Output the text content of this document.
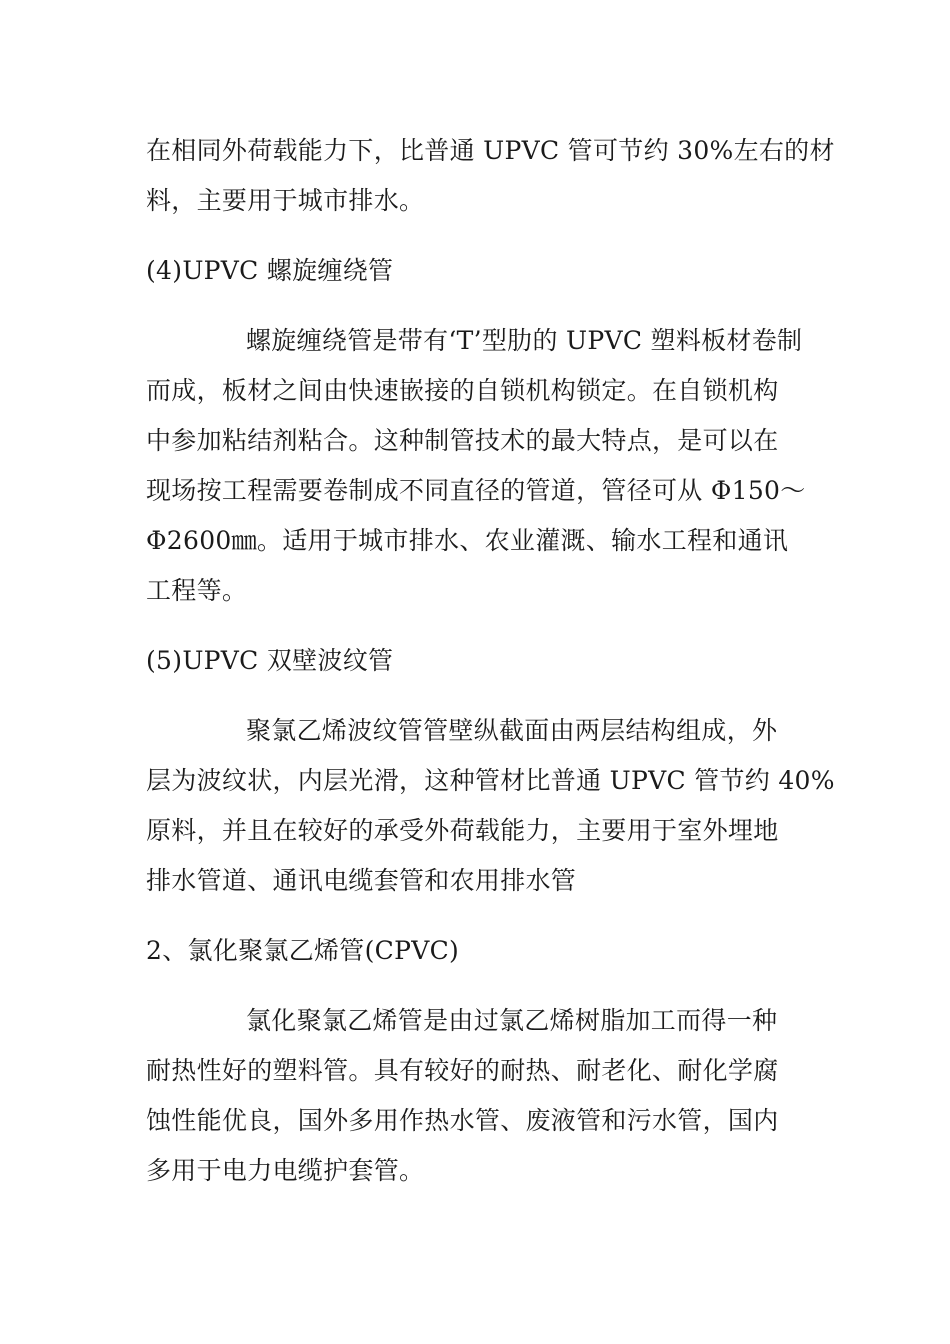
在相同外荷载能力下，比普通 UPVC 管可节约 30%左右的材
料，主要用于城市排水。

(4)UPVC 螺旋缠绕管

螺旋缠绕管是带有‘T’型肋的 UPVC 塑料板材卷制
而成，板材之间由快速嵌接的自锁机构锁定。在自锁机构
中参加粘结剂粘合。这种制管技术的最大特点，是可以在
现场按工程需要卷制成不同直径的管道，管径可从 Φ150～
Φ2600㎜。适用于城市排水、农业灌溉、输水工程和通讯
工程等。

(5)UPVC 双壁波纹管

聚氯乙烯波纹管管壁纵截面由两层结构组成，外
层为波纹状，内层光滑，这种管材比普通 UPVC 管节约 40%
原料，并且在较好的承受外荷载能力，主要用于室外埋地
排水管道、通讯电缆套管和农用排水管

2、氯化聚氯乙烯管(CPVC)

氯化聚氯乙烯管是由过氯乙烯树脂加工而得一种
耐热性好的塑料管。具有较好的耐热、耐老化、耐化学腐
蚀性能优良，国外多用作热水管、废液管和污水管，国内
多用于电力电缆护套管。
